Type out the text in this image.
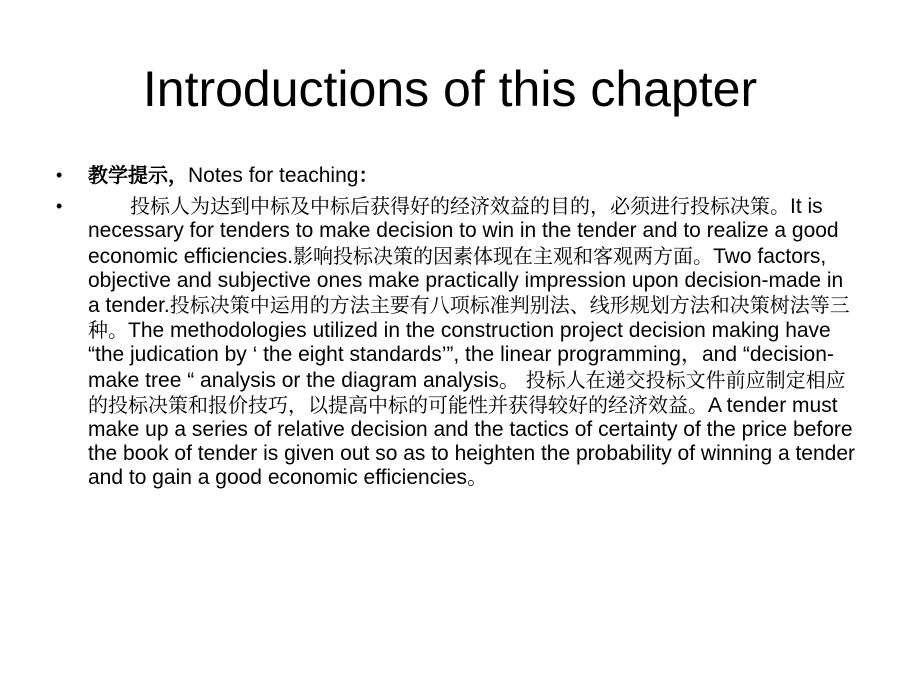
Introductions of this chapter
•	教学提示，Notes for teaching：
•	投标人为达到中标及中标后获得好的经济效益的目的，必须进行投标决策。It is necessary for tenders to make decision to win in the tender and to realize a good economic efficiencies.影响投标决策的因素体现在主观和客观两方面。Two factors, objective and subjective ones make practically impression upon decision-made in a tender.投标决策中运用的方法主要有八项标准判别法、线形规划方法和决策树法等三种。The methodologies utilized in the construction project decision making have “the judication by ‘ the eight standards’”, the linear programming，and “decision-make tree “ analysis or the diagram analysis。 投标人在递交投标文件前应制定相应的投标决策和报价技巧，以提高中标的可能性并获得较好的经济效益。A tender must make up a series of relative decision and the tactics of certainty of the price before the book of tender is given out so as to heighten the probability of winning a tender and to gain a good economic efficiencies。
